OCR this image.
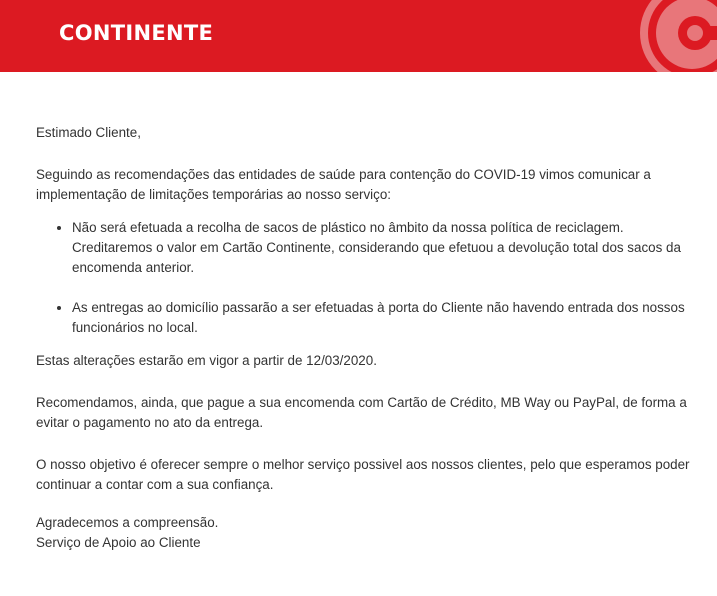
CONTINENTE

Estimado Cliente,

Seguindo as recomendações das entidades de saúde para contenção do COVID-19 vimos comunicar a implementação de limitações temporárias ao nosso serviço:

• Não será efetuada a recolha de sacos de plástico no âmbito da nossa política de reciclagem. Creditaremos o valor em Cartão Continente, considerando que efetuou a devolução total dos sacos da encomenda anterior.
• As entregas ao domicílio passarão a ser efetuadas à porta do Cliente não havendo entrada dos nossos funcionários no local.

Estas alterações estarão em vigor a partir de 12/03/2020.

Recomendamos, ainda, que pague a sua encomenda com Cartão de Crédito, MB Way ou PayPal, de forma a evitar o pagamento no ato da entrega.

O nosso objetivo é oferecer sempre o melhor serviço possivel aos nossos clientes, pelo que esperamos poder continuar a contar com a sua confiança.

Agradecemos a compreensão.

Serviço de Apoio ao Cliente
